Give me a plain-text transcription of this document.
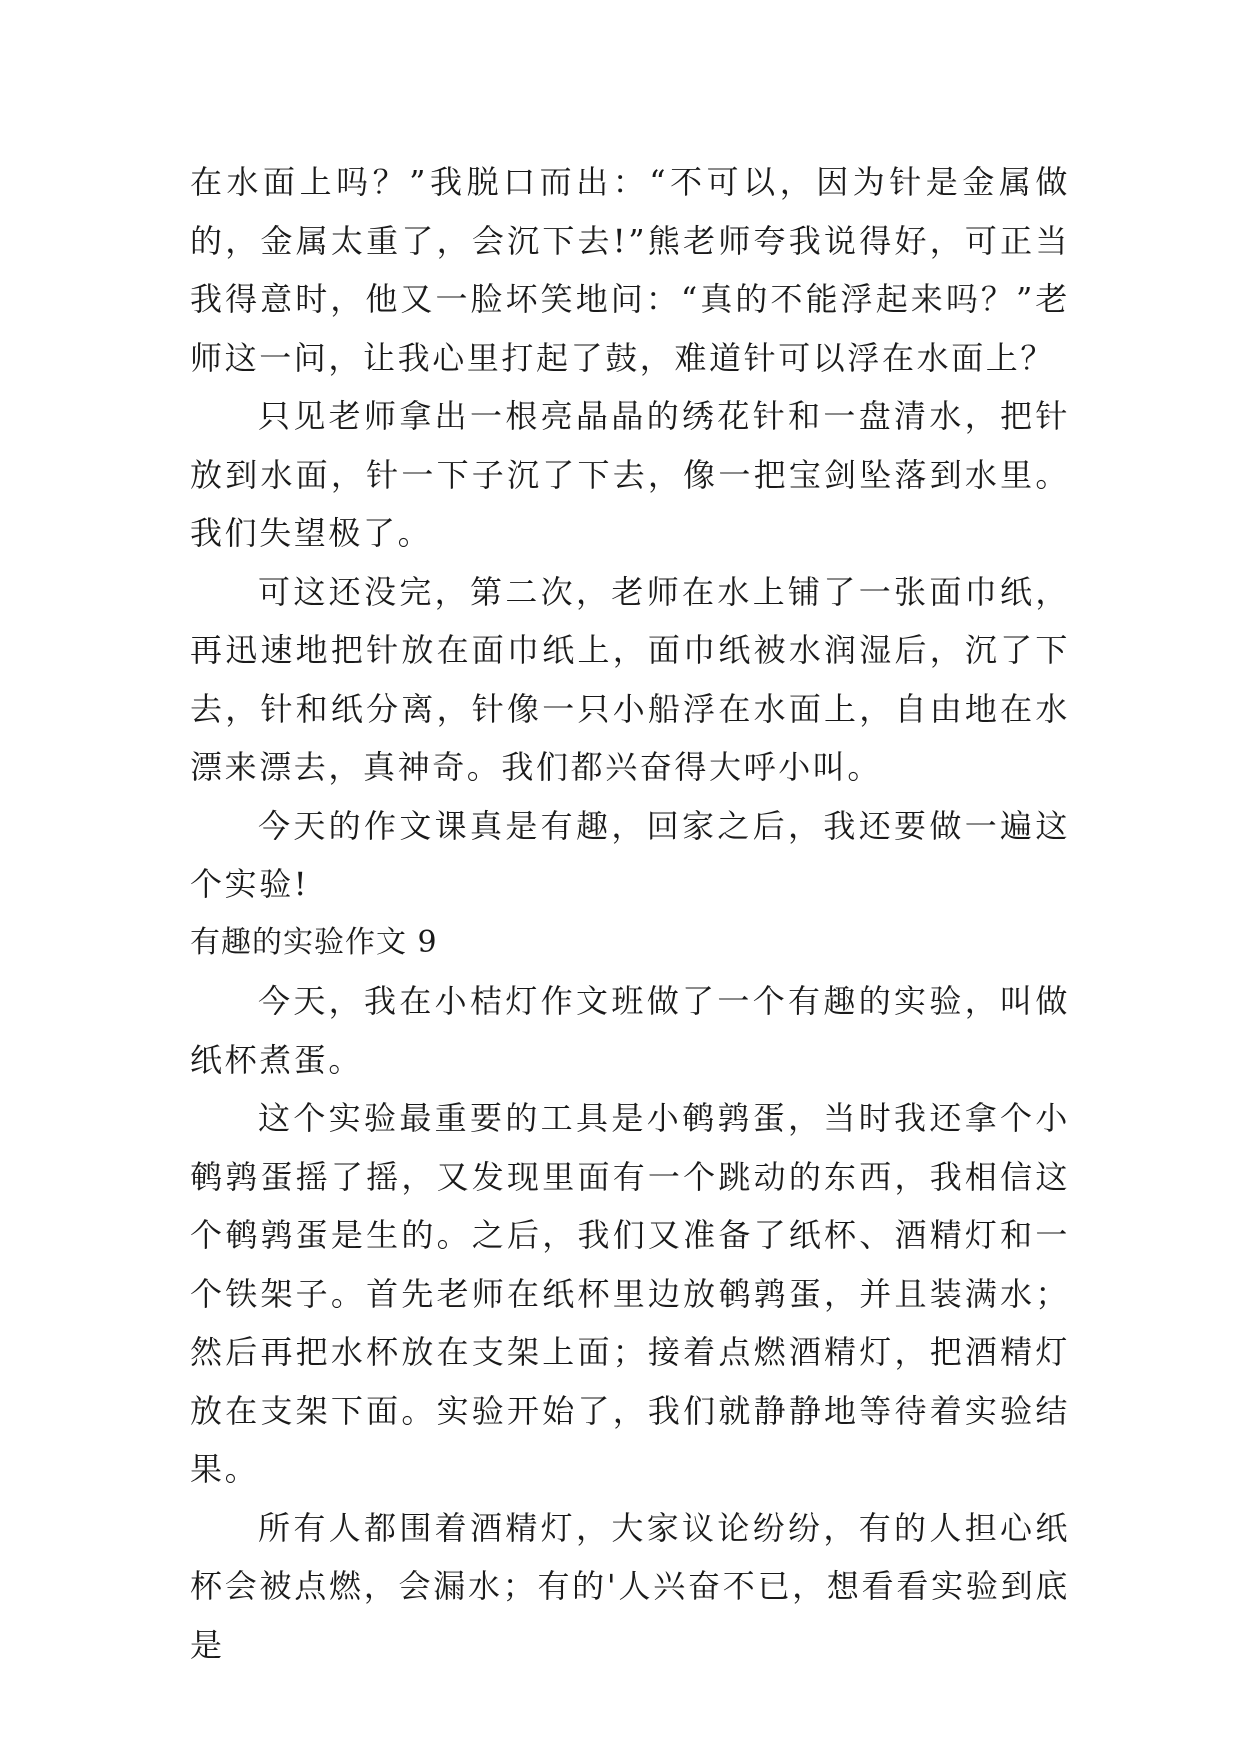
在水面上吗？”我脱口而出：“不可以，因为针是金属做的，金属太重了，会沉下去!”熊老师夸我说得好，可正当我得意时，他又一脸坏笑地问：“真的不能浮起来吗？”老师这一问，让我心里打起了鼓，难道针可以浮在水面上？

只见老师拿出一根亮晶晶的绣花针和一盘清水，把针放到水面，针一下子沉了下去，像一把宝剑坠落到水里。我们失望极了。

可这还没完，第二次，老师在水上铺了一张面巾纸，再迅速地把针放在面巾纸上，面巾纸被水润湿后，沉了下去，针和纸分离，针像一只小船浮在水面上，自由地在水漂来漂去，真神奇。我们都兴奋得大呼小叫。

今天的作文课真是有趣，回家之后，我还要做一遍这个实验!

有趣的实验作文 9

今天，我在小桔灯作文班做了一个有趣的实验，叫做纸杯煮蛋。

这个实验最重要的工具是小鹌鹑蛋，当时我还拿个小鹌鹑蛋摇了摇，又发现里面有一个跳动的东西，我相信这个鹌鹑蛋是生的。之后，我们又准备了纸杯、酒精灯和一个铁架子。首先老师在纸杯里边放鹌鹑蛋，并且装满水；然后再把水杯放在支架上面；接着点燃酒精灯，把酒精灯放在支架下面。实验开始了，我们就静静地等待着实验结果。

所有人都围着酒精灯，大家议论纷纷，有的人担心纸杯会被点燃，会漏水；有的'人兴奋不已，想看看实验到底是
